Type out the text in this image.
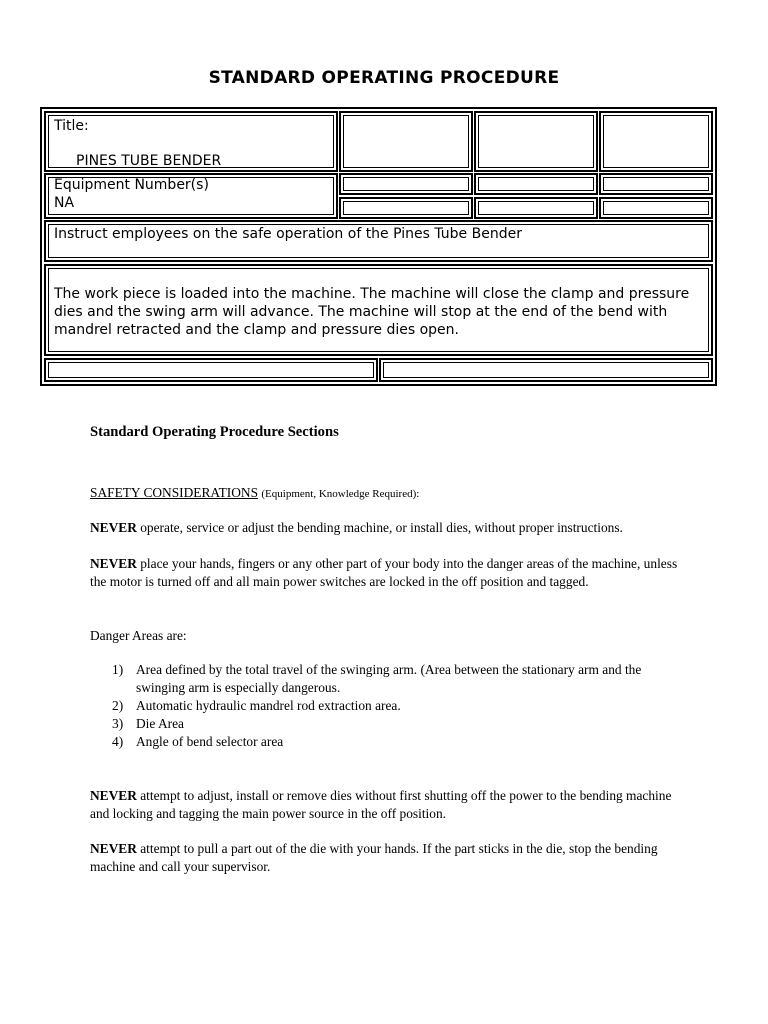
STANDARD OPERATING PROCEDURE
Title:
PINES TUBE BENDER
Equipment Number(s)
NA
Instruct employees on the safe operation of the Pines Tube Bender
The work piece is loaded into the machine. The machine will close the clamp and pressure dies and the swing arm will advance. The machine will stop at the end of the bend with mandrel retracted and the clamp and pressure dies open.
Standard Operating Procedure Sections
SAFETY CONSIDERATIONS (Equipment, Knowledge Required):
NEVER operate, service or adjust the bending machine, or install dies, without proper instructions.
NEVER place your hands, fingers or any other part of your body into the danger areas of the machine, unless the motor is turned off and all main power switches are locked in the off position and tagged.
Danger Areas are:
1) Area defined by the total travel of the swinging arm. (Area between the stationary arm and the swinging arm is especially dangerous.
2) Automatic hydraulic mandrel rod extraction area.
3) Die Area
4) Angle of bend selector area
NEVER attempt to adjust, install or remove dies without first shutting off the power to the bending machine and locking and tagging the main power source in the off position.
NEVER attempt to pull a part out of the die with your hands. If the part sticks in the die, stop the bending machine and call your supervisor.
